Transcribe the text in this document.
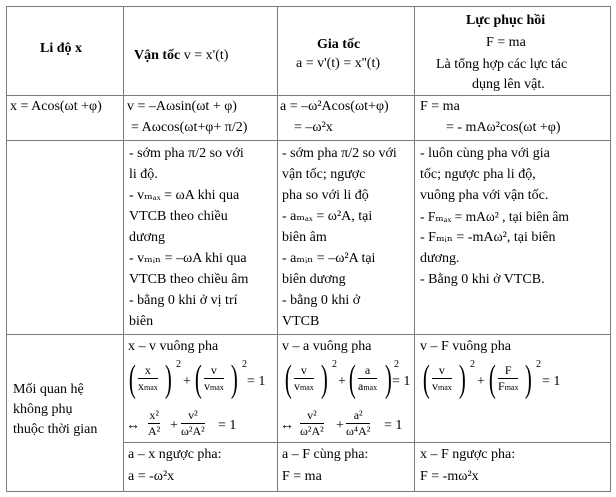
Li độ x	Vận tốc v = x'(t)
Gia tốc
a = v'(t) = x''(t)
Lực phục hồi
F = ma
Là tổng hợp các lực tác
dụng lên vật.
x = Acos(ωt +φ) v = –Aωsin(ωt + φ)
= Aωcos(ωt+φ+ π/2)
a = –ω²Acos(ωt+φ)
= –ω²x
F = ma
= - mAω²cos(ωt +φ)
- sớm pha π/2 so với
li độ.
- vₘₐₓ = ωA khi qua
VTCB theo chiều
dương
- vₘᵢₙ = –ωA khi qua
VTCB theo chiều âm
- bằng 0 khi ở vị trí
biên
- sớm pha π/2 so với
vận tốc; ngược
pha so với li độ
- aₘₐₓ = ω²A, tại
biên âm
- aₘᵢₙ = –ω²A tại
biên dương
- bằng 0 khi ở
VTCB
- luôn cùng pha với gia
tốc; ngược pha li độ,
vuông pha với vận tốc.
- Fₘₐₓ = mAω² , tại biên âm
- Fₘᵢₙ = -mAω², tại biên
dương.
- Bằng 0 khi ở VTCB.
Mối quan hệ
không phụ
thuộc thời gian
x – v vuông pha
( x
xmax ) 2
+ ( v
vmax ) 2
= 1
↔
x²
A² +
v²
ω²A² = 1
v – a vuông pha
( v
vmax ) 2
+ ( a
amax ) 2
= 1
↔
v²
ω²A² +
a²
ω⁴A² = 1
v – F vuông pha
( v
vmax ) 2
+ ( F
Fmax ) 2
= 1
a – x ngược pha:
a = -ω²x
a – F cùng pha:
F = ma
x – F ngược pha:
F = -mω²x
